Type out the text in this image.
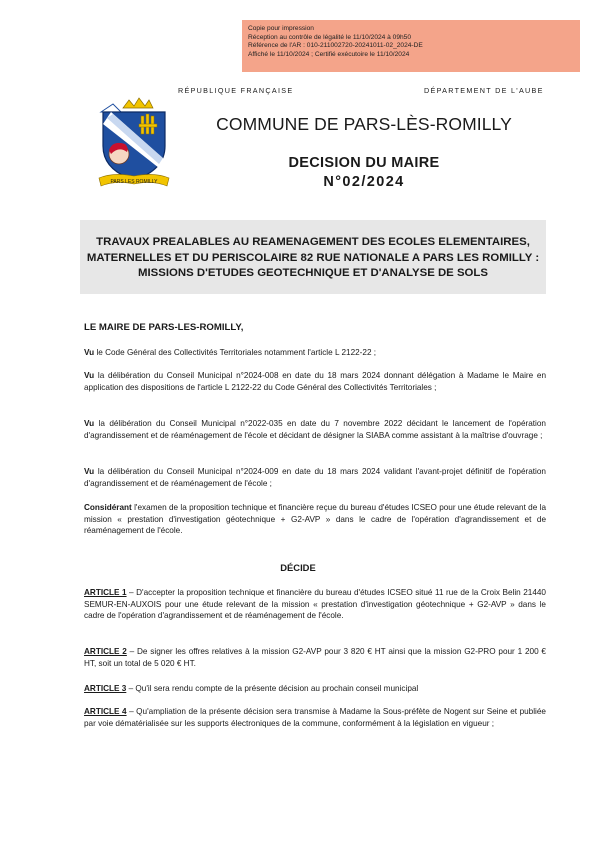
Copie pour impression
Réception au contrôle de légalité le 11/10/2024 à 09h50
Référence de l'AR : 010-211002720-20241011-02_2024-DE
Affiché le 11/10/2024 ; Certifié exécutoire le 11/10/2024
RÉPUBLIQUE FRANÇAISE	DÉPARTEMENT DE L'AUBE
PARS LES ROMILLY
COMMUNE DE PARS-LÈS-ROMILLY
DECISION DU MAIRE
N°02/2024
TRAVAUX PREALABLES AU REAMENAGEMENT DES ECOLES ELEMENTAIRES,
MATERNELLES ET DU PERISCOLAIRE 82 RUE NATIONALE A PARS LES ROMILLY :
MISSIONS D'ETUDES GEOTECHNIQUE ET D'ANALYSE DE SOLS
LE MAIRE DE PARS-LES-ROMILLY,
Vu le Code Général des Collectivités Territoriales notamment l'article L 2122-22 ;
Vu la délibération du Conseil Municipal n°2024-008 en date du 18 mars 2024 donnant délégation à Madame le Maire en application des dispositions de l'article L 2122-22 du Code Général des Collectivités Territoriales ;
Vu la délibération du Conseil Municipal n°2022-035 en date du 7 novembre 2022 décidant le lancement de l'opération d'agrandissement et de réaménagement de l'école et décidant de désigner la SIABA comme assistant à la maîtrise d'ouvrage ;
Vu la délibération du Conseil Municipal n°2024-009 en date du 18 mars 2024 validant l'avant-projet définitif de l'opération d'agrandissement et de réaménagement de l'école ;
Considérant l'examen de la proposition technique et financière reçue du bureau d'études ICSEO pour une étude relevant de la mission « prestation d'investigation géotechnique + G2-AVP » dans le cadre de l'opération d'agrandissement et de réaménagement de l'école.
DÉCIDE
ARTICLE 1 – D'accepter la proposition technique et financière du bureau d'études ICSEO situé 11 rue de la Croix Belin 21440 SEMUR-EN-AUXOIS pour une étude relevant de la mission « prestation d'investigation géotechnique + G2-AVP » dans le cadre de l'opération d'agrandissement et de réaménagement de l'école.
ARTICLE 2 – De signer les offres relatives à la mission G2-AVP pour 3 820 € HT ainsi que la mission G2-PRO pour 1 200 € HT, soit un total de 5 020 € HT.
ARTICLE 3 – Qu'il sera rendu compte de la présente décision au prochain conseil municipal
ARTICLE 4 – Qu'ampliation de la présente décision sera transmise à Madame la Sous-préfète de Nogent sur Seine et publiée par voie dématérialisée sur les supports électroniques de la commune, conformément à la législation en vigueur ;
